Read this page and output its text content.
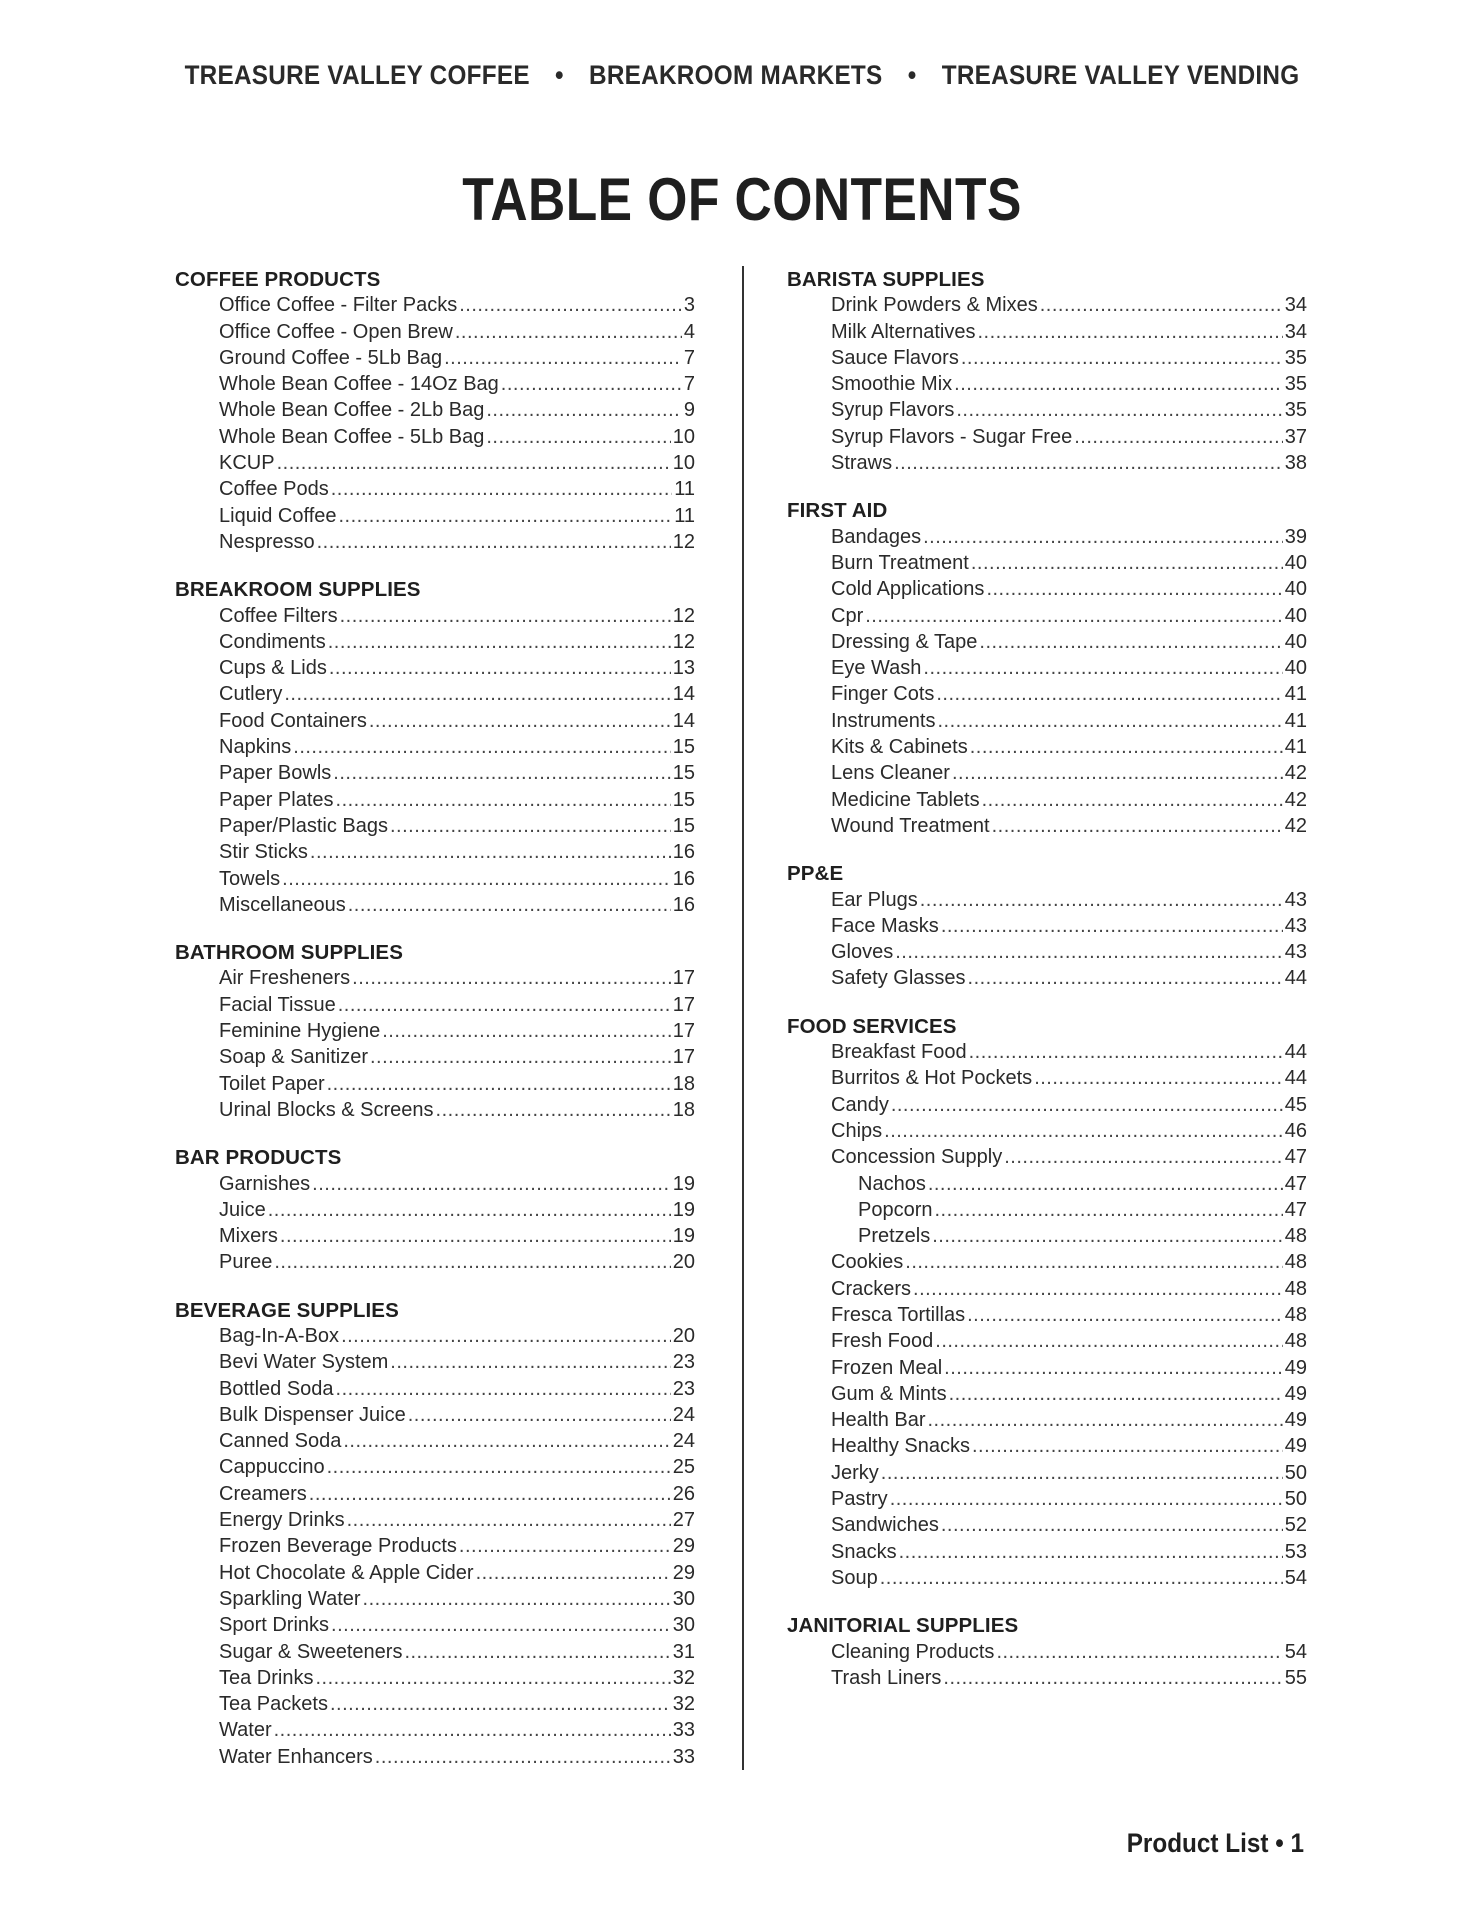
TREASURE VALLEY COFFEE • BREAKROOM MARKETS • TREASURE VALLEY VENDING
TABLE OF CONTENTS
COFFEE PRODUCTS
Office Coffee - Filter Packs .....	3
Office Coffee - Open Brew .....	4
Ground Coffee - 5Lb Bag .....	7
Whole Bean Coffee - 14Oz Bag .....	7
Whole Bean Coffee - 2Lb Bag .....	9
Whole Bean Coffee - 5Lb Bag .....	10
KCUP .....	10
Coffee Pods .....	11
Liquid Coffee .....	11
Nespresso .....	12
BREAKROOM SUPPLIES
Coffee Filters .....	12
Condiments .....	12
Cups & Lids .....	13
Cutlery .....	14
Food Containers .....	14
Napkins .....	15
Paper Bowls .....	15
Paper Plates .....	15
Paper/Plastic Bags .....	15
Stir Sticks .....	16
Towels .....	16
Miscellaneous .....	16
BATHROOM SUPPLIES
Air Fresheners .....	17
Facial Tissue .....	17
Feminine Hygiene .....	17
Soap & Sanitizer .....	17
Toilet Paper .....	18
Urinal Blocks & Screens .....	18
BAR PRODUCTS
Garnishes .....	19
Juice .....	19
Mixers .....	19
Puree .....	20
BEVERAGE SUPPLIES
Bag-In-A-Box .....	20
Bevi Water System .....	23
Bottled Soda .....	23
Bulk Dispenser Juice .....	24
Canned Soda .....	24
Cappuccino .....	25
Creamers .....	26
Energy Drinks .....	27
Frozen Beverage Products .....	29
Hot Chocolate & Apple Cider .....	29
Sparkling Water .....	30
Sport Drinks .....	30
Sugar & Sweeteners .....	31
Tea Drinks .....	32
Tea Packets .....	32
Water .....	33
Water Enhancers .....	33
BARISTA SUPPLIES
Drink Powders & Mixes .....	34
Milk Alternatives .....	34
Sauce Flavors .....	35
Smoothie Mix .....	35
Syrup Flavors .....	35
Syrup Flavors - Sugar Free .....	37
Straws .....	38
FIRST AID
Bandages .....	39
Burn Treatment .....	40
Cold Applications .....	40
Cpr .....	40
Dressing & Tape .....	40
Eye Wash .....	40
Finger Cots .....	41
Instruments .....	41
Kits & Cabinets .....	41
Lens Cleaner .....	42
Medicine Tablets .....	42
Wound Treatment .....	42
PP&E
Ear Plugs .....	43
Face Masks .....	43
Gloves .....	43
Safety Glasses .....	44
FOOD SERVICES
Breakfast Food .....	44
Burritos & Hot Pockets .....	44
Candy .....	45
Chips .....	46
Concession Supply .....	47
Nachos .....	47
Popcorn .....	47
Pretzels .....	48
Cookies .....	48
Crackers .....	48
Fresca Tortillas .....	48
Fresh Food .....	48
Frozen Meal .....	49
Gum & Mints .....	49
Health Bar .....	49
Healthy Snacks .....	49
Jerky .....	50
Pastry .....	50
Sandwiches .....	52
Snacks .....	53
Soup .....	54
JANITORIAL SUPPLIES
Cleaning Products .....	54
Trash Liners .....	55
Product List • 1
